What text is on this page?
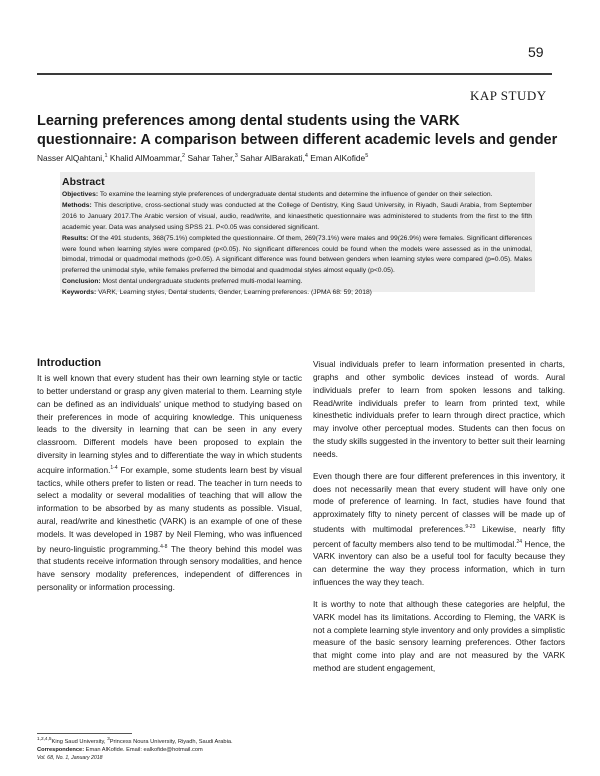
59
KAP STUDY
Learning preferences among dental students using the VARK questionnaire: A comparison between different academic levels and gender
Nasser AlQahtani,$^1$ Khalid AlMoammar,$^2$ Sahar Taher,$^3$ Sahar AlBarakati,$^4$ Eman AlKofide$^5$
Abstract

Objectives: To examine the learning style preferences of undergraduate dental students and determine the influence of gender on their selection.

Methods: This descriptive, cross-sectional study was conducted at the College of Dentistry, King Saud University, in Riyadh, Saudi Arabia, from September 2016 to January 2017.The Arabic version of visual, audio, read/write, and kinaesthetic questionnaire was administered to students from the first to the fifth academic year. Data was analysed using SPSS 21. P<0.05 was considered significant.

Results: Of the 491 students, 368(75.1%) completed the questionnaire. Of them, 269(73.1%) were males and 99(26.9%) were females. Significant differences were found when learning styles were compared (p<0.05). No significant differences could be found when the models were assessed as in the unimodal, bimodal, trimodal or quadmodal methods (p>0.05). A significant difference was found between genders when learning styles were compared (p=0.05). Males preferred the unimodal style, while females preferred the bimodal and quadmodal styles almost equally (p<0.05).

Conclusion: Most dental undergraduate students preferred multi-modal learning.

Keywords: VARK, Learning styles, Dental students, Gender, Learning preferences. (JPMA 68: 59; 2018)

Introduction

It is well known that every student has their own learning style or tactic to better understand or grasp any given material to them. Learning style can be defined as an individuals' unique method to studying based on their preferences in mode of acquiring knowledge. This uniqueness leads to the diversity in learning that can be seen in any every classroom. Different models have been proposed to explain the diversity in learning styles and to differentiate the way in which students acquire information.$^{1-4}$ For example, some students learn best by visual tactics, while others prefer to listen or read. The teacher in turn needs to select a modality or several modalities of teaching that will allow the information to be absorbed by as many students as possible. Visual, aural, read/write and kinesthetic (VARK) is an example of one of these models. It was developed in 1987 by Neil Fleming, who was influenced by neuro-linguistic programming.$^{4-8}$ The theory behind this model was that students receive information through sensory modalities, and hence have sensory modality preferences, independent of differences in personality or information processing.

Visual individuals prefer to learn information presented in charts, graphs and other symbolic devices instead of words. Aural individuals prefer to learn from spoken lessons and talking. Read/write individuals prefer to learn from printed text, while kinesthetic individuals prefer to learn through direct practice, which may involve other perceptual modes. Students can then focus on the study skills suggested in the inventory to better suit their learning needs.

Even though there are four different preferences in this inventory, it does not necessarily mean that every student will have only one mode of preference of learning. In fact, studies have found that approximately fifty to ninety percent of classes will be made up of students with multimodal preferences.$^{9-23}$ Likewise, nearly fifty percent of faculty members also tend to be multimodal.$^{24}$ Hence, the VARK inventory can also be a useful tool for faculty because they can determine the way they process information, which in turn influences the way they teach.

It is worthy to note that although these categories are helpful, the VARK model has its limitations. According to Fleming, the VARK is not a complete learning style inventory and only provides a simplistic measure of the basic sensory learning preferences. Other factors that might come into play and are not measured by the VARK method are student engagement,

$^{1,2,4,5}$King Saud University, $^3$Princess Noura University, Riyadh, Saudi Arabia.

Correspondence: Eman AlKofide. Email: ealkofide@hotmail.com

Vol. 68, No. 1, January 2018
